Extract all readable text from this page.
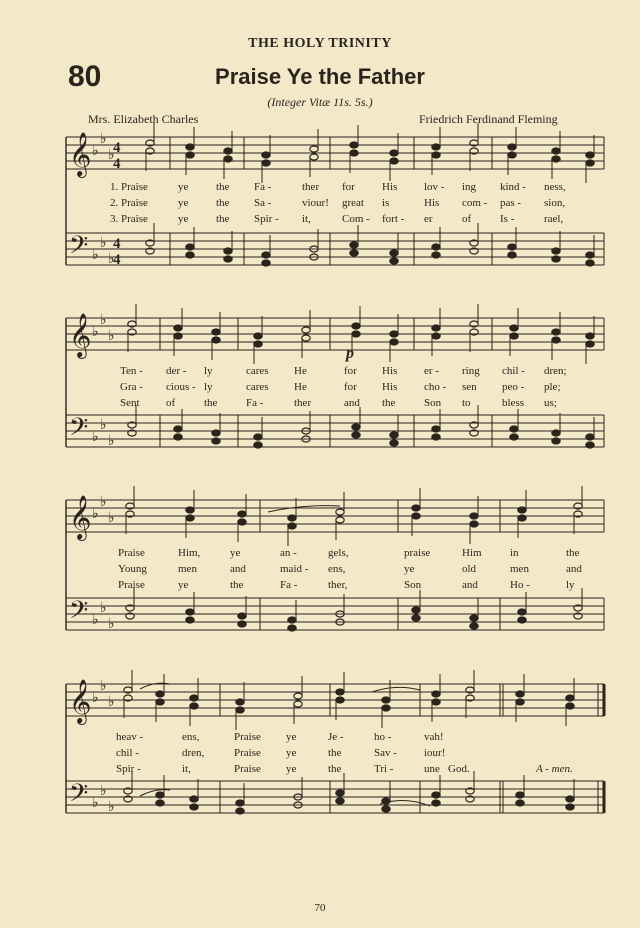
THE HOLY TRINITY
80	Praise Ye the Father
(Integer Vitæ 11s. 5s.)
Mrs. Elizabeth Charles	Friedrich Ferdinand Fleming
𝄞
𝄢
♭
♭
♭
♭
♭
♭
4
4
4
4
𝄞
𝄢
♭
♭
♭
♭
♭
♭
𝄞
𝄢
♭
♭
♭
♭
♭
♭
𝄞
𝄢
♭
♭
♭
♭
♭
♭
1. Praise	ye	the Fa -	ther for His lov - ing kind - ness,
2. Praise	ye	the Sa -	viour! great is	His com - pas - sion,
3. Praise	ye	the Spir - it,	Com - fort - er	of	Is -	rael,
Ten - der - ly	cares He	for His er - ring chil - dren;
Gra - cious - ly	cares He	for His cho - sen peo - ple;
Sent of	the	Fa -	ther	and the	Son to	bless us;
Praise	Him,	ye	an -	gels,	praise	Him	in	the
Young	men	and	maid - ens,	ye	old	men	and
Praise	ye	the	Fa -	ther,	Son	and	Ho -	ly
heav -	ens,	Praise ye	Je -	ho -	vah!
chil -	dren,	Praise ye	the	Sav - iour!
Spir -	it,	Praise ye	the	Tri -	une God.	A - men.
p
70
